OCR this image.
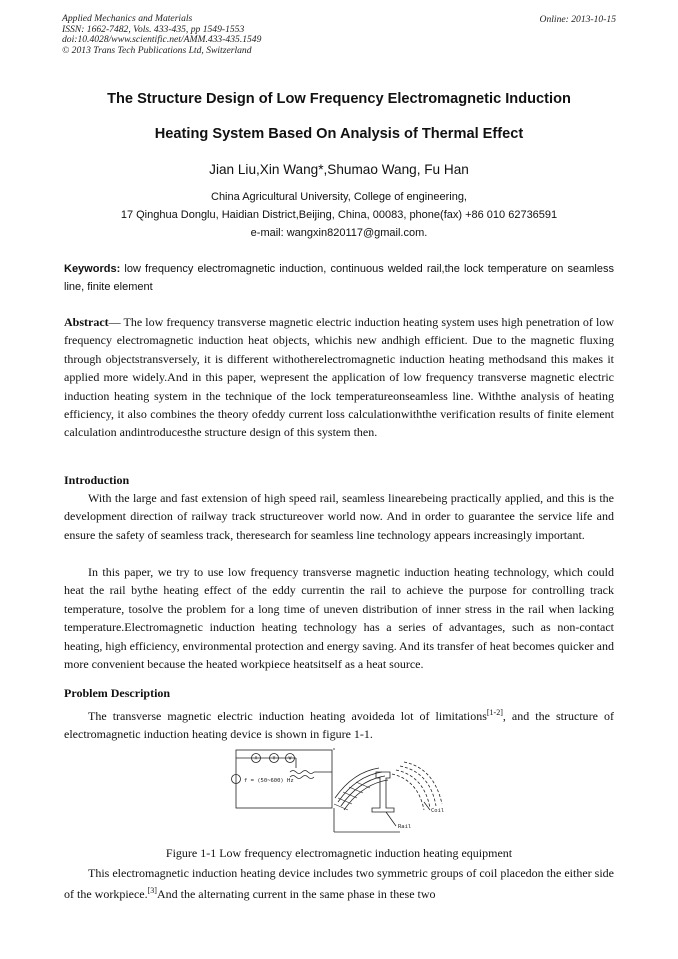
Applied Mechanics and Materials
ISSN: 1662-7482, Vols. 433-435, pp 1549-1553
doi:10.4028/www.scientific.net/AMM.433-435.1549
© 2013 Trans Tech Publications Ltd, Switzerland
Online: 2013-10-15
The Structure Design of Low Frequency Electromagnetic Induction
Heating System Based On Analysis of Thermal Effect
Jian Liu,Xin Wang*,Shumao Wang, Fu Han
China Agricultural University, College of engineering,
17 Qinghua Donglu, Haidian District,Beijing, China, 00083, phone(fax) +86 010 62736591
e-mail: wangxin820117@gmail.com.
Keywords: low frequency electromagnetic induction, continuous welded rail,the lock temperature on seamless line, finite element
Abstract— The low frequency transverse magnetic electric induction heating system uses high penetration of low frequency electromagnetic induction heat objects, whichis new andhigh efficient. Due to the magnetic fluxing through objectstransversely, it is different withotherelectromagnetic induction heating methodsand this makes it applied more widely.And in this paper, wepresent the application of low frequency transverse magnetic electric induction heating system in the technique of the lock temperatureonseamless line. Withthe analysis of heating efficiency, it also combines the theory ofeddy current loss calculationwiththe verification results of finite element calculation andintroducesthe structure design of this system then.
Introduction
With the large and fast extension of high speed rail, seamless linearebeing practically applied, and this is the development direction of railway track structureover world now. And in order to guarantee the service life and ensure the safety of seamless track, theresearch for seamless line technology appears increasingly important.
In this paper, we try to use low frequency transverse magnetic induction heating technology, which could heat the rail bythe heating effect of the eddy currentin the rail to achieve the purpose for controlling track temperature, tosolve the problem for a long time of uneven distribution of inner stress in the rail when lacking temperature.Electromagnetic induction heating technology has a series of advantages, such as non-contact heating, high efficiency, environmental protection and energy saving. And its transfer of heat becomes quicker and more convenient because the heated workpiece heatsitself as a heat source.
Problem Description
The transverse magnetic electric induction heating avoideda lot of limitations[1-2], and the structure of electromagnetic induction heating device is shown in figure 1-1.
A	V	W
f = (50~600) Hz
Coil
Rail
Figure 1-1 Low frequency electromagnetic induction heating equipment
This electromagnetic induction heating device includes two symmetric groups of coil placedon the either side of the workpiece.[3]And the alternating current in the same phase in these two
